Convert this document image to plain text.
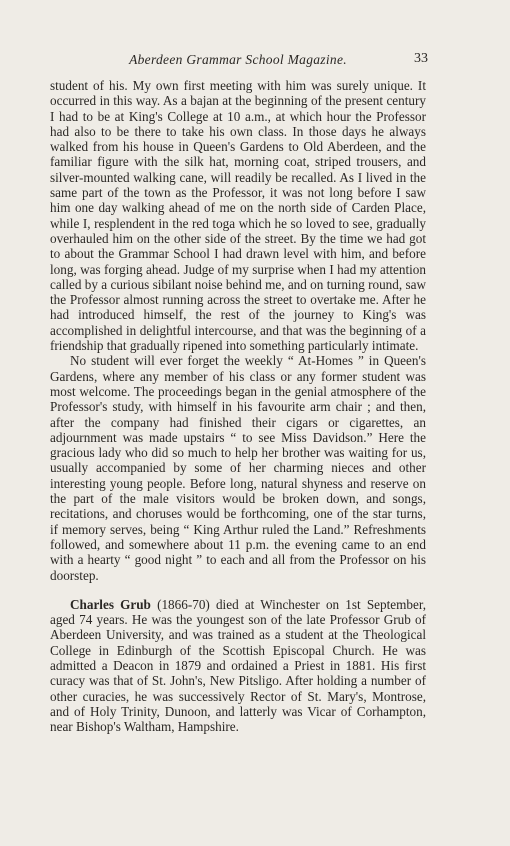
Aberdeen Grammar School Magazine.	33

student of his. My own first meeting with him was surely unique. It occurred in this way. As a bajan at the beginning of the present century I had to be at King's College at 10 a.m., at which hour the Professor had also to be there to take his own class. In those days he always walked from his house in Queen's Gardens to Old Aberdeen, and the familiar figure with the silk hat, morning coat, striped trousers, and silver-mounted walking cane, will readily be recalled. As I lived in the same part of the town as the Professor, it was not long before I saw him one day walking ahead of me on the north side of Carden Place, while I, resplendent in the red toga which he so loved to see, gradually overhauled him on the other side of the street. By the time we had got to about the Grammar School I had drawn level with him, and before long, was forging ahead. Judge of my surprise when I had my attention called by a curious sibilant noise behind me, and on turning round, saw the Professor almost running across the street to overtake me. After he had introduced himself, the rest of the journey to King's was accomplished in delightful intercourse, and that was the beginning of a friendship that gradually ripened into something particularly intimate.

No student will ever forget the weekly “ At-Homes ” in Queen's Gardens, where any member of his class or any former student was most welcome. The proceedings began in the genial atmosphere of the Professor's study, with himself in his favourite arm chair ; and then, after the company had finished their cigars or cigarettes, an adjournment was made upstairs “ to see Miss Davidson.” Here the gracious lady who did so much to help her brother was waiting for us, usually accompanied by some of her charming nieces and other interesting young people. Before long, natural shyness and reserve on the part of the male visitors would be broken down, and songs, recitations, and choruses would be forthcoming, one of the star turns, if memory serves, being “ King Arthur ruled the Land.” Refreshments followed, and somewhere about 11 p.m. the evening came to an end with a hearty “ good night ” to each and all from the Professor on his doorstep.

Charles Grub (1866-70) died at Winchester on 1st September, aged 74 years. He was the youngest son of the late Professor Grub of Aberdeen University, and was trained as a student at the Theological College in Edinburgh of the Scottish Episcopal Church. He was admitted a Deacon in 1879 and ordained a Priest in 1881. His first curacy was that of St. John's, New Pitsligo. After holding a number of other curacies, he was successively Rector of St. Mary's, Montrose, and of Holy Trinity, Dunoon, and latterly was Vicar of Corhampton, near Bishop's Waltham, Hampshire.
